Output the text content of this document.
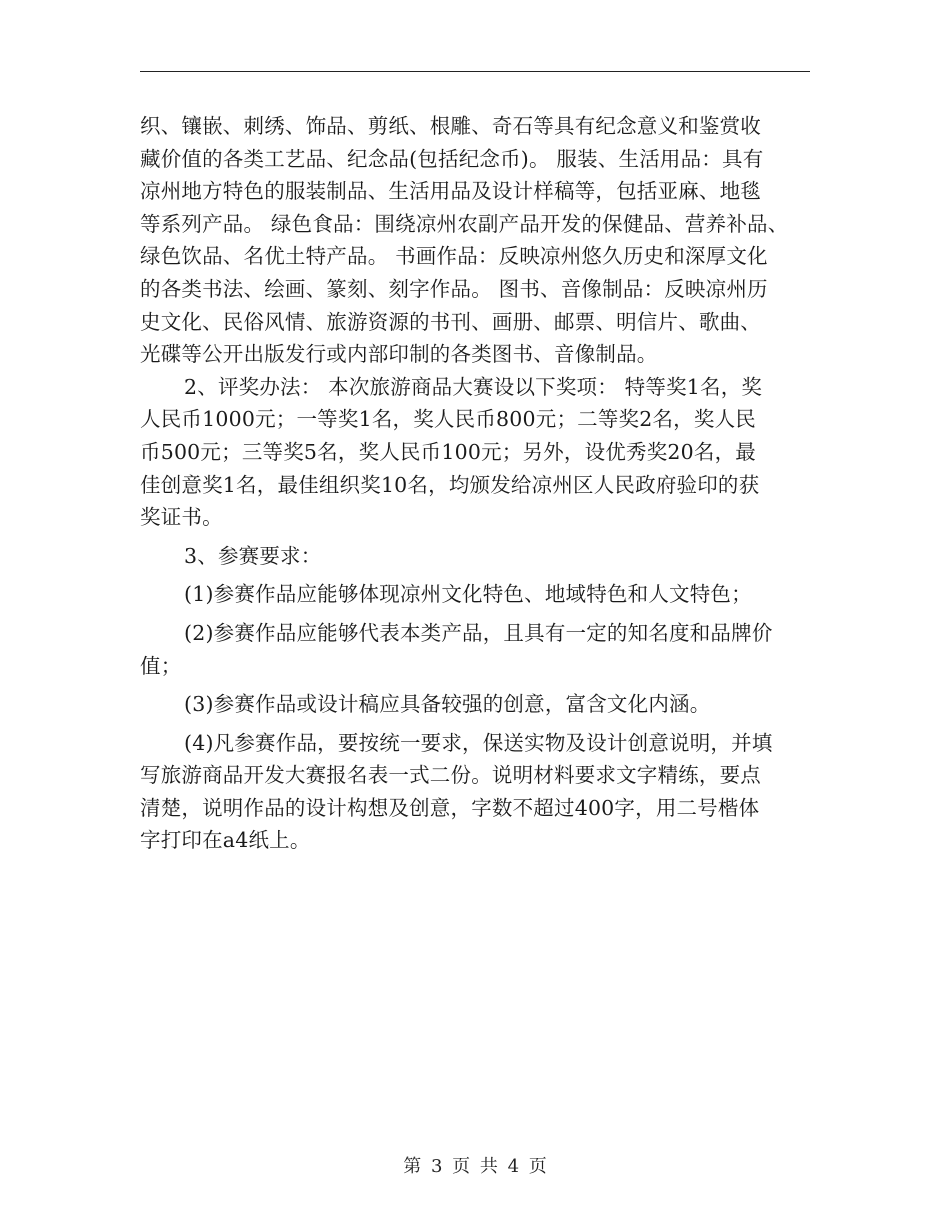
织、镶嵌、刺绣、饰品、剪纸、根雕、奇石等具有纪念意义和鉴赏收
藏价值的各类工艺品、纪念品(包括纪念币)。 服装、生活用品：具有
凉州地方特色的服装制品、生活用品及设计样稿等，包括亚麻、地毯
等系列产品。 绿色食品：围绕凉州农副产品开发的保健品、营养补品、
绿色饮品、名优土特产品。 书画作品：反映凉州悠久历史和深厚文化
的各类书法、绘画、篆刻、刻字作品。 图书、音像制品：反映凉州历
史文化、民俗风情、旅游资源的书刊、画册、邮票、明信片、歌曲、
光碟等公开出版发行或内部印制的各类图书、音像制品。
2、评奖办法： 本次旅游商品大赛设以下奖项： 特等奖1名，奖
人民币1000元；一等奖1名，奖人民币800元；二等奖2名，奖人民
币500元；三等奖5名，奖人民币100元；另外，设优秀奖20名，最
佳创意奖1名，最佳组织奖10名，均颁发给凉州区人民政府验印的获
奖证书。
3、参赛要求：
(1)参赛作品应能够体现凉州文化特色、地域特色和人文特色；
(2)参赛作品应能够代表本类产品，且具有一定的知名度和品牌价
值；
(3)参赛作品或设计稿应具备较强的创意，富含文化内涵。
(4)凡参赛作品，要按统一要求，保送实物及设计创意说明，并填
写旅游商品开发大赛报名表一式二份。说明材料要求文字精练，要点
清楚，说明作品的设计构想及创意，字数不超过400字，用二号楷体
字打印在a4纸上。
第 3 页 共 4 页
